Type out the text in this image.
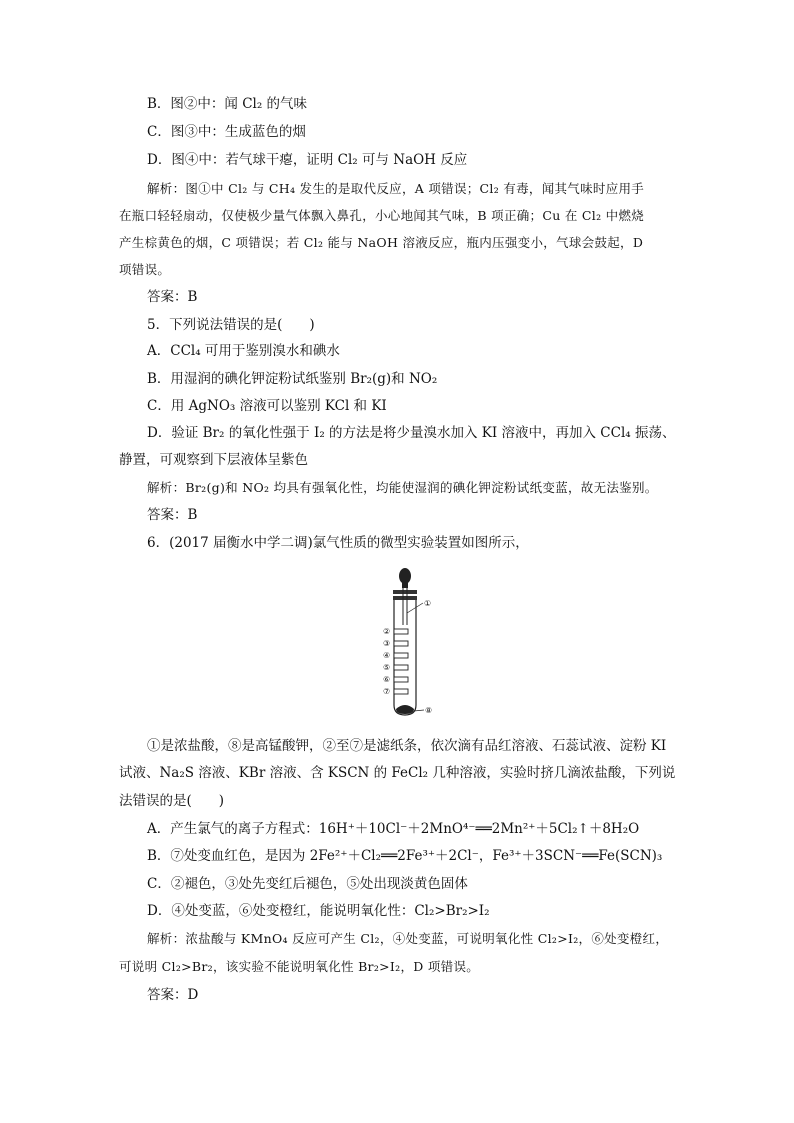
B．图②中：闻 Cl₂ 的气味
C．图③中：生成蓝色的烟
D．图④中：若气球干瘪，证明 Cl₂ 可与 NaOH 反应
解析：图①中 Cl₂ 与 CH₄ 发生的是取代反应，A 项错误；Cl₂ 有毒，闻其气味时应用手
在瓶口轻轻扇动，仅使极少量气体飘入鼻孔，小心地闻其气味，B 项正确；Cu 在 Cl₂ 中燃烧
产生棕黄色的烟，C 项错误；若 Cl₂ 能与 NaOH 溶液反应，瓶内压强变小，气球会鼓起，D
项错误。
答案：B
5．下列说法错误的是(　　)
A．CCl₄ 可用于鉴别溴水和碘水
B．用湿润的碘化钾淀粉试纸鉴别 Br₂(g)和 NO₂
C．用 AgNO₃ 溶液可以鉴别 KCl 和 KI
D．验证 Br₂ 的氧化性强于 I₂ 的方法是将少量溴水加入 KI 溶液中，再加入 CCl₄ 振荡、
静置，可观察到下层液体呈紫色
解析：Br₂(g)和 NO₂ 均具有强氧化性，均能使湿润的碘化钾淀粉试纸变蓝，故无法鉴别。
答案：B
6．(2017 届衡水中学二调)氯气性质的微型实验装置如图所示，
①
②
③
④
⑤
⑥
⑦
⑧
①是浓盐酸，⑧是高锰酸钾，②至⑦是滤纸条，依次滴有品红溶液、石蕊试液、淀粉 KI
试液、Na₂S 溶液、KBr 溶液、含 KSCN 的 FeCl₂ 几种溶液，实验时挤几滴浓盐酸，下列说
法错误的是(　　)
A．产生氯气的离子方程式：16H⁺＋10Cl⁻＋2MnO⁴⁻══2Mn²⁺＋5Cl₂↑＋8H₂O
B．⑦处变血红色，是因为 2Fe²⁺＋Cl₂══2Fe³⁺＋2Cl⁻，Fe³⁺＋3SCN⁻══Fe(SCN)₃
C．②褪色，③处先变红后褪色，⑤处出现淡黄色固体
D．④处变蓝，⑥处变橙红，能说明氧化性：Cl₂>Br₂>I₂
解析：浓盐酸与 KMnO₄ 反应可产生 Cl₂，④处变蓝，可说明氧化性 Cl₂>I₂，⑥处变橙红，
可说明 Cl₂>Br₂，该实验不能说明氧化性 Br₂>I₂，D 项错误。
答案：D
